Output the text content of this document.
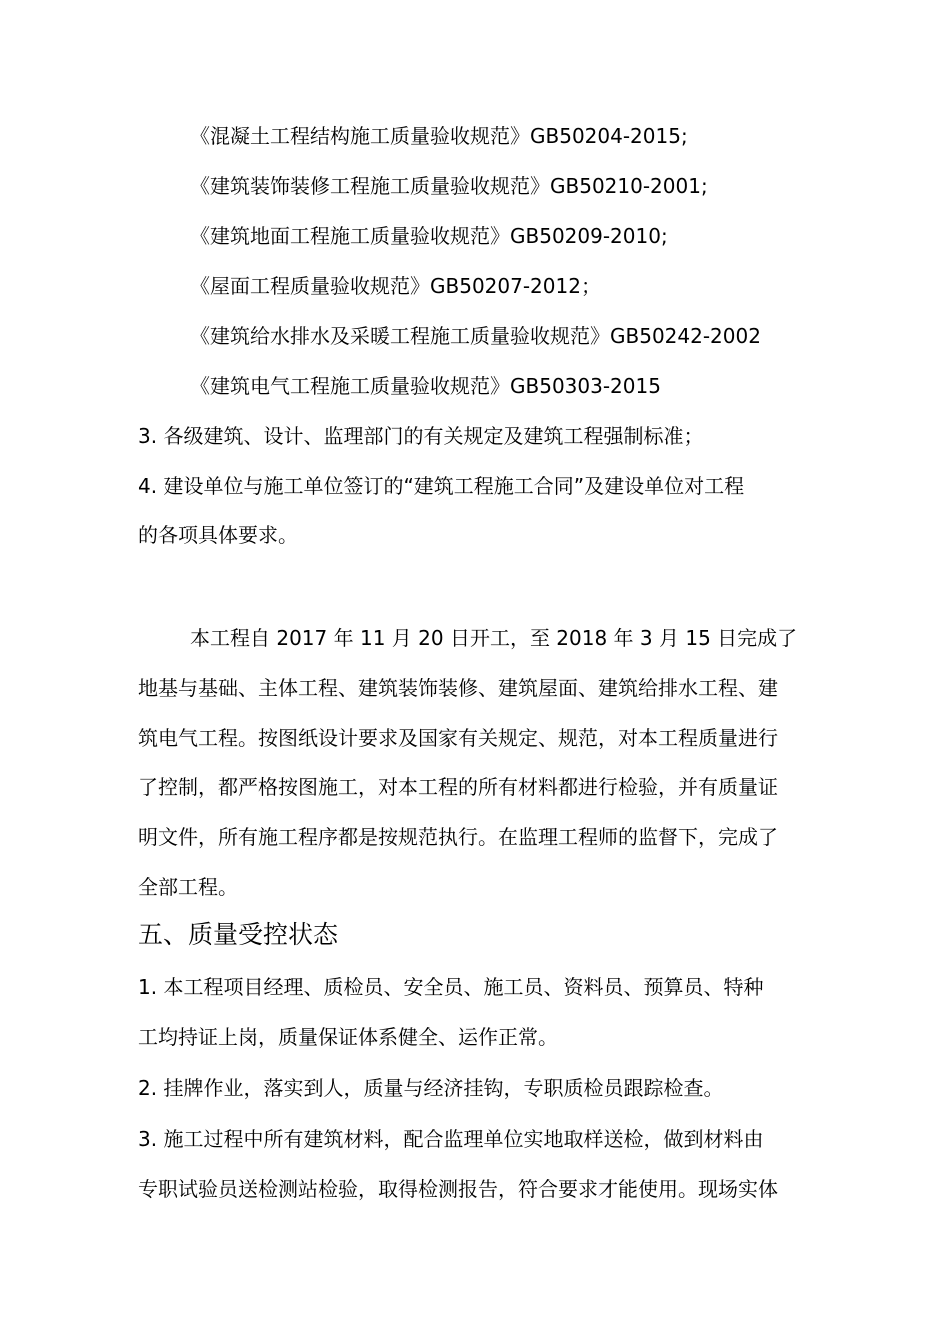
《混凝土工程结构施工质量验收规范》GB50204-2015;
《建筑装饰装修工程施工质量验收规范》GB50210-2001;
《建筑地面工程施工质量验收规范》GB50209-2010;
《屋面工程质量验收规范》GB50207-2012；
《建筑给水排水及采暖工程施工质量验收规范》GB50242-2002
《建筑电气工程施工质量验收规范》GB50303-2015
3. 各级建筑、设计、监理部门的有关规定及建筑工程强制标准；
4. 建设单位与施工单位签订的“建筑工程施工合同”及建设单位对工程
的各项具体要求。
本工程自 2017 年 11 月 20 日开工，至 2018 年 3 月 15 日完成了
地基与基础、主体工程、建筑装饰装修、建筑屋面、建筑给排水工程、建
筑电气工程。按图纸设计要求及国家有关规定、规范，对本工程质量进行
了控制，都严格按图施工，对本工程的所有材料都进行检验，并有质量证
明文件，所有施工程序都是按规范执行。在监理工程师的监督下，完成了
全部工程。
五、质量受控状态
1. 本工程项目经理、质检员、安全员、施工员、资料员、预算员、特种
工均持证上岗，质量保证体系健全、运作正常。
2. 挂牌作业，落实到人，质量与经济挂钩，专职质检员跟踪检查。
3. 施工过程中所有建筑材料，配合监理单位实地取样送检，做到材料由
专职试验员送检测站检验，取得检测报告，符合要求才能使用。现场实体
